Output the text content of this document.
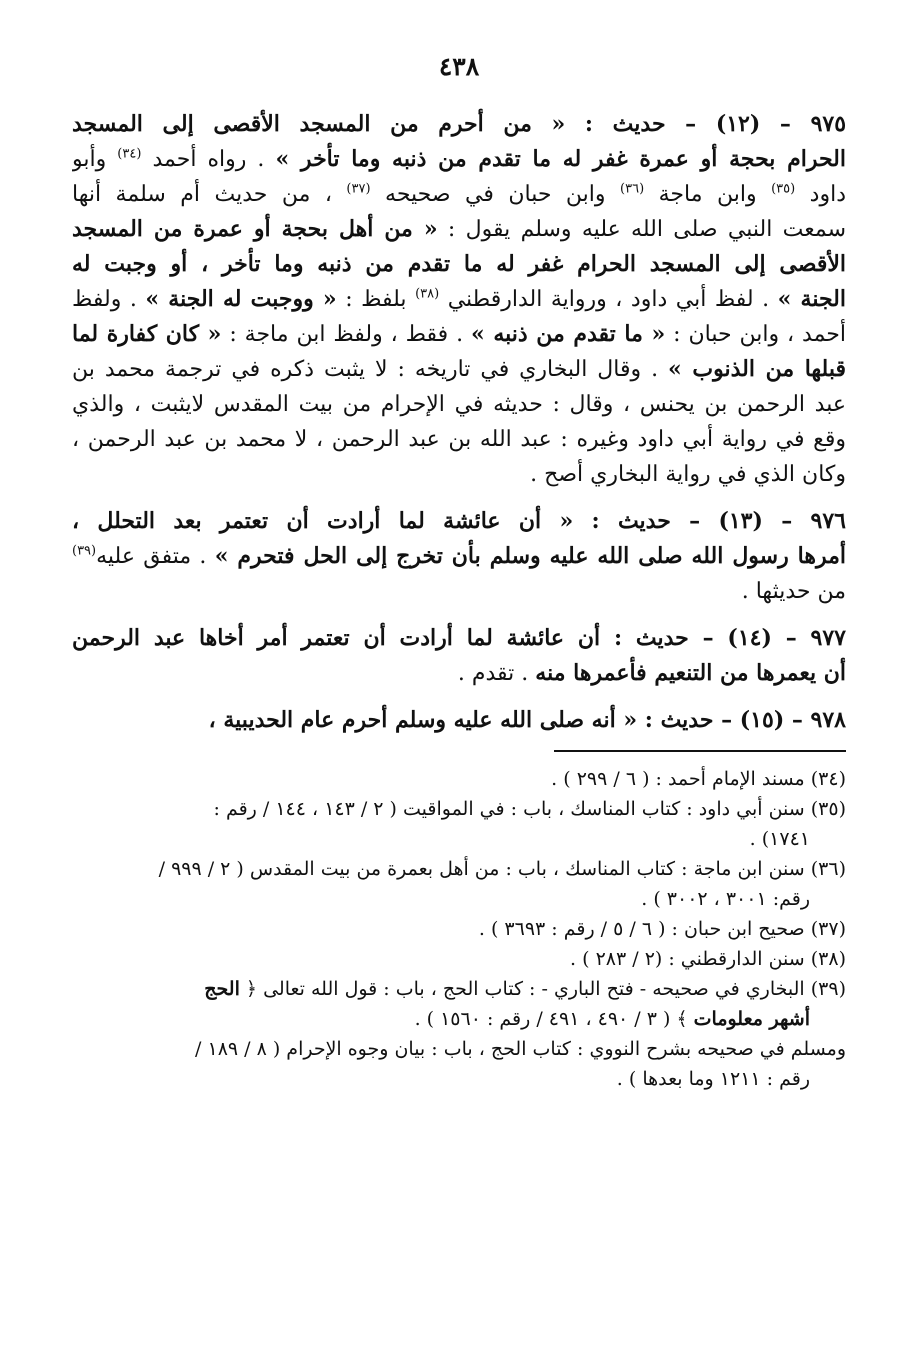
٤٣٨
٩٧٥ – (١٢) – حديث : « من أحرم من المسجد الأقصى إلى المسجد
الحرام بحجة أو عمرة غفر له ما تقدم من ذنبه وما تأخر » . رواه أحمد $^{(٣٤)}$ وأبو
داود $^{(٣٥)}$ وابن ماجة $^{(٣٦)}$ وابن حبان في صحيحه $^{(٣٧)}$ ، من حديث أم سلمة أنها
سمعت النبي صلى الله عليه وسلم يقول : « من أهل بحجة أو عمرة من المسجد
الأقصى إلى المسجد الحرام غفر له ما تقدم من ذنبه وما تأخر ، أو وجبت له
الجنة » . لفظ أبي داود ، ورواية الدارقطني $^{(٣٨)}$ بلفظ : « ووجبت له الجنة » . ولفظ
أحمد ، وابن حبان : « ما تقدم من ذنبه » . فقط ، ولفظ ابن ماجة : « كان كفارة لما
قبلها من الذنوب » . وقال البخاري في تاريخه : لا يثبت ذكره في ترجمة محمد بن
عبد الرحمن بن يحنس ، وقال : حديثه في الإحرام من بيت المقدس لايثبت ، والذي
وقع في رواية أبي داود وغيره : عبد الله بن عبد الرحمن ، لا محمد بن عبد الرحمن ،
وكان الذي في رواية البخاري أصح .
٩٧٦ – (١٣) – حديث : « أن عائشة لما أرادت أن تعتمر بعد التحلل ،
أمرها رسول الله صلى الله عليه وسلم بأن تخرج إلى الحل فتحرم » . متفق عليه$^{(٣٩)}$
من حديثها .
٩٧٧ – (١٤) – حديث : أن عائشة لما أرادت أن تعتمر أمر أخاها عبد الرحمن
أن يعمرها من التنعيم فأعمرها منه . تقدم .
٩٧٨ – (١٥) – حديث : « أنه صلى الله عليه وسلم أحرم عام الحديبية ،
(٣٤) مسند الإمام أحمد : ( ٦ / ٢٩٩ ) .
(٣٥) سنن أبي داود : كتاب المناسك ، باب : في المواقيت ( ٢ / ١٤٣ ، ١٤٤ / رقم :
١٧٤١) .
(٣٦) سنن ابن ماجة : كتاب المناسك ، باب : من أهل بعمرة من بيت المقدس ( ٢ / ٩٩٩ /
رقم: ٣٠٠١ ، ٣٠٠٢ ) .
(٣٧) صحيح ابن حبان : ( ٦ / ٥ / رقم : ٣٦٩٣ ) .
(٣٨) سنن الدارقطني : (٢ / ٢٨٣ ) .
(٣٩) البخاري في صحيحه - فتح الباري - : كتاب الحج ، باب : قول الله تعالى ﴿ الحج
أشهر معلومات ﴾ ( ٣ / ٤٩٠ ، ٤٩١ / رقم : ١٥٦٠ ) .
ومسلم في صحيحه بشرح النووي : كتاب الحج ، باب : بيان وجوه الإحرام ( ٨ / ١٨٩ /
رقم : ١٢١١ وما بعدها ) .
